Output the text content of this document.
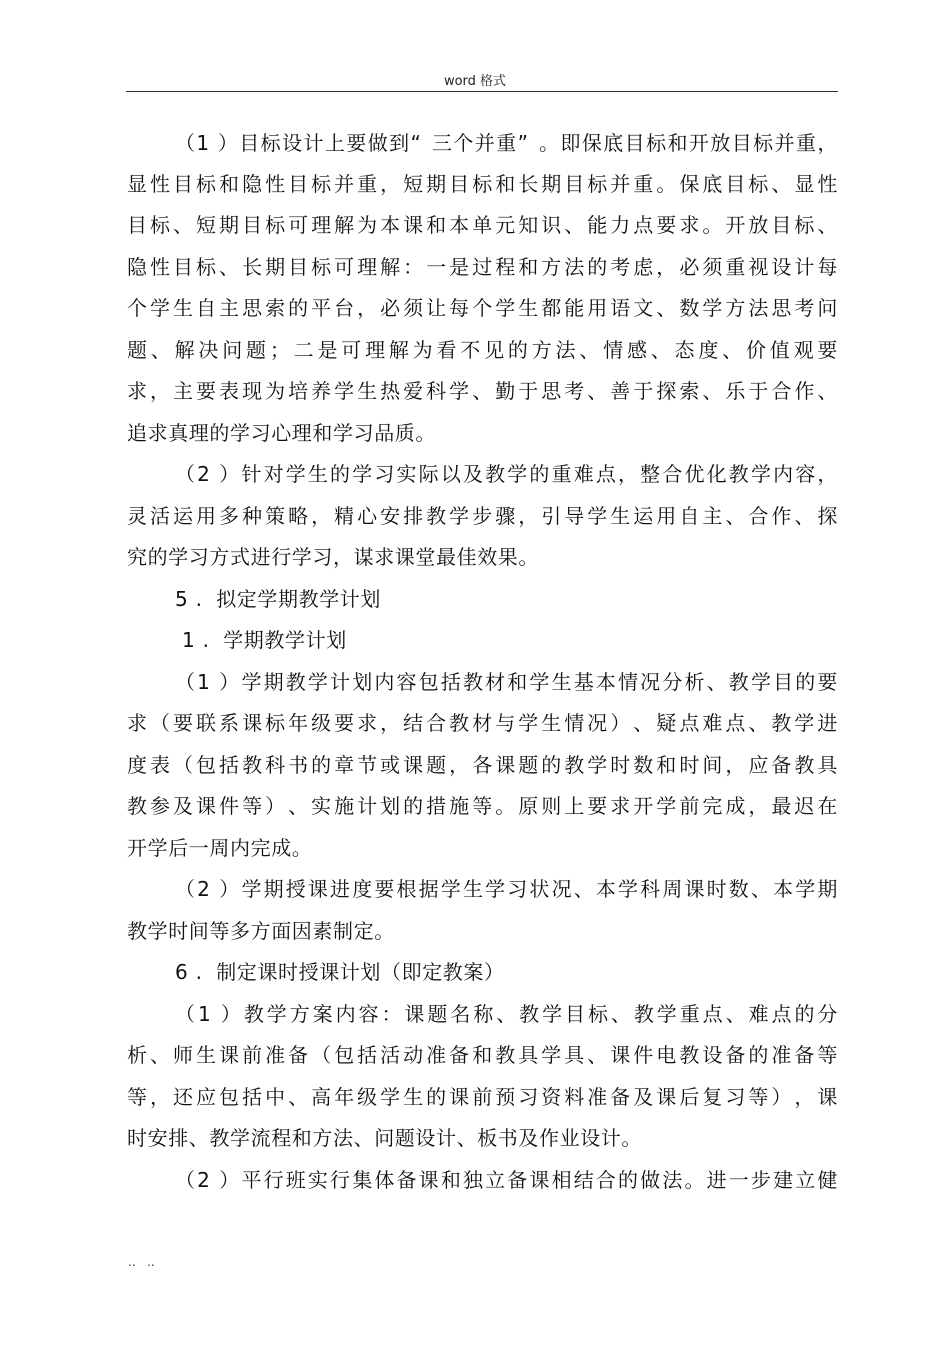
word 格式
（ 1 ） 目 标 设 计 上 要 做 到 “ 三 个 并 重 ” 。 即 保 底 目 标 和 开 放 目 标 并 重 ，
显 性 目 标 和 隐 性 目 标 并 重 ， 短 期 目 标 和 长 期 目 标 并 重 。 保 底 目 标 、 显 性
目 标 、 短 期 目 标 可 理 解 为 本 课 和 本 单 元 知 识 、 能 力 点 要 求 。 开 放 目 标 、
隐 性 目 标 、 长 期 目 标 可 理 解 ： 一 是 过 程 和 方 法 的 考 虑 ， 必 须 重 视 设 计 每
个 学 生 自 主 思 索 的 平 台 ， 必 须 让 每 个 学 生 都 能 用 语 文 、 数 学 方 法 思 考 问
题 、 解 决 问 题 ； 二 是 可 理 解 为 看 不 见 的 方 法 、 情 感 、 态 度 、 价 值 观 要
求 ， 主 要 表 现 为 培 养 学 生 热 爱 科 学 、 勤 于 思 考 、 善 于 探 索 、 乐 于 合 作 、
追 求 真 理 的 学 习 心 理 和 学 习 品 质 。
（ 2 ） 针 对 学 生 的 学 习 实 际 以 及 教 学 的 重 难 点 ， 整 合 优 化 教 学 内 容 ，
灵 活 运 用 多 种 策 略 ， 精 心 安 排 教 学 步 骤 ， 引 导 学 生 运 用 自 主 、 合 作 、 探
究 的 学 习 方 式 进 行 学 习 ， 谋 求 课 堂 最 佳 效 果 。
5 . 拟 定 学 期 教 学 计 划
1 . 学 期 教 学 计 划
（ 1 ） 学 期 教 学 计 划 内 容 包 括 教 材 和 学 生 基 本 情 况 分 析 、 教 学 目 的 要
求 （ 要 联 系 课 标 年 级 要 求 ， 结 合 教 材 与 学 生 情 况 ） 、 疑 点 难 点 、 教 学 进
度 表 （ 包 括 教 科 书 的 章 节 或 课 题 ， 各 课 题 的 教 学 时 数 和 时 间 ， 应 备 教 具
教 参 及 课 件 等 ） 、 实 施 计 划 的 措 施 等 。 原 则 上 要 求 开 学 前 完 成 ， 最 迟 在
开 学 后 一 周 内 完 成 。
（ 2 ） 学 期 授 课 进 度 要 根 据 学 生 学 习 状 况 、 本 学 科 周 课 时 数 、 本 学 期
教 学 时 间 等 多 方 面 因 素 制 定 。
6 . 制 定 课 时 授 课 计 划 （ 即 定 教 案 ）
（ 1 ） 教 学 方 案 内 容 ： 课 题 名 称 、 教 学 目 标 、 教 学 重 点 、 难 点 的 分
析 、 师 生 课 前 准 备 （ 包 括 活 动 准 备 和 教 具 学 具 、 课 件 电 教 设 备 的 准 备 等
等 ， 还 应 包 括 中 、 高 年 级 学 生 的 课 前 预 习 资 料 准 备 及 课 后 复 习 等 ） ， 课
时 安 排 、 教 学 流 程 和 方 法 、 问 题 设 计 、 板 书 及 作 业 设 计 。
（ 2 ） 平 行 班 实 行 集 体 备 课 和 独 立 备 课 相 结 合 的 做 法 。 进 一 步 建 立 健
..   ..
